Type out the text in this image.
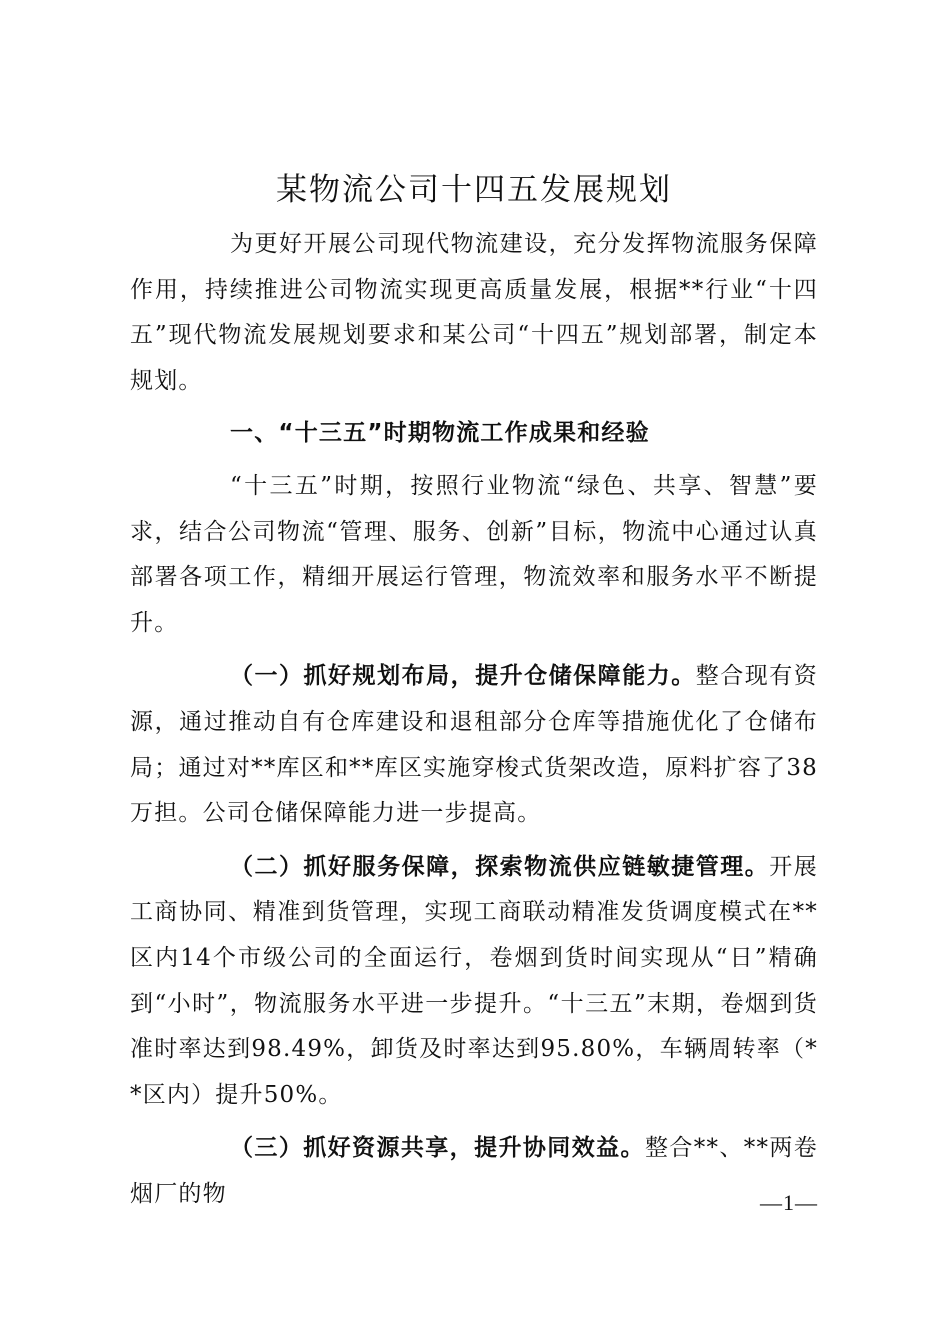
某物流公司十四五发展规划

为更好开展公司现代物流建设，充分发挥物流服务保障作用，持续推进公司物流实现更高质量发展，根据**行业“十四五”现代物流发展规划要求和某公司“十四五”规划部署，制定本规划。

一、“十三五”时期物流工作成果和经验

“十三五”时期，按照行业物流“绿色、共享、智慧”要求，结合公司物流“管理、服务、创新”目标，物流中心通过认真部署各项工作，精细开展运行管理，物流效率和服务水平不断提升。

（一）抓好规划布局，提升仓储保障能力。整合现有资源，通过推动自有仓库建设和退租部分仓库等措施优化了仓储布局；通过对**库区和**库区实施穿梭式货架改造，原料扩容了38万担。公司仓储保障能力进一步提高。

（二）抓好服务保障，探索物流供应链敏捷管理。开展工商协同、精准到货管理，实现工商联动精准发货调度模式在**区内14个市级公司的全面运行，卷烟到货时间实现从“日”精确到“小时”，物流服务水平进一步提升。“十三五”末期，卷烟到货准时率达到98.49%，卸货及时率达到95.80%，车辆周转率（**区内）提升50%。

（三）抓好资源共享，提升协同效益。整合**、**两卷烟厂的物	—1—
